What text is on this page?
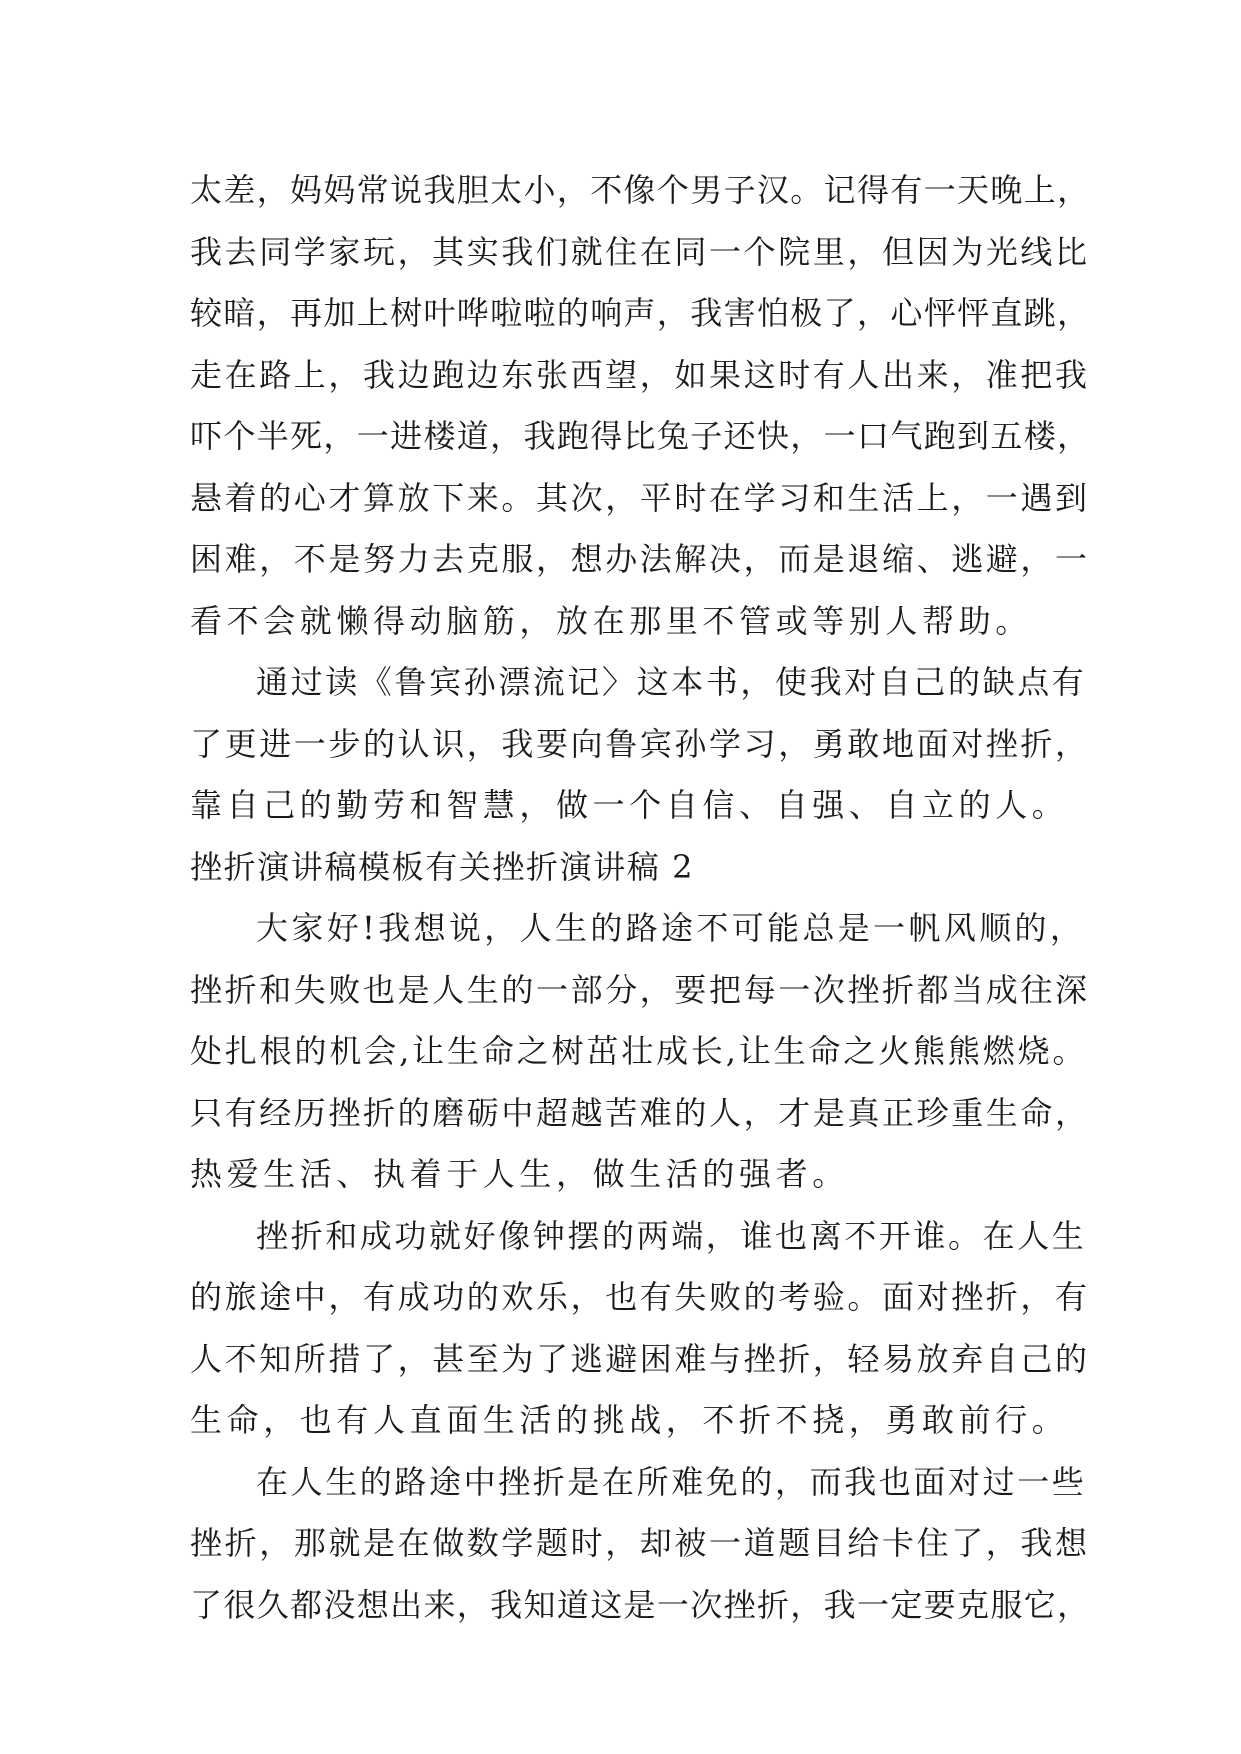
太差，妈妈常说我胆太小，不像个男子汉。记得有一天晚上，
我去同学家玩，其实我们就住在同一个院里，但因为光线比
较暗，再加上树叶哗啦啦的响声，我害怕极了，心怦怦直跳，
走在路上，我边跑边东张西望，如果这时有人出来，准把我
吓个半死，一进楼道，我跑得比兔子还快，一口气跑到五楼，
悬着的心才算放下来。其次，平时在学习和生活上，一遇到
困难，不是努力去克服，想办法解决，而是退缩、逃避，一
看不会就懒得动脑筋，放在那里不管或等别人帮助。
通过读《鲁宾孙漂流记〉这本书，使我对自己的缺点有
了更进一步的认识，我要向鲁宾孙学习，勇敢地面对挫折，
靠自己的勤劳和智慧，做一个自信、自强、自立的人。
挫折演讲稿模板有关挫折演讲稿 2
大家好!我想说，人生的路途不可能总是一帆风顺的，
挫折和失败也是人生的一部分，要把每一次挫折都当成往深
处扎根的机会,让生命之树茁壮成长,让生命之火熊熊燃烧。
只有经历挫折的磨砺中超越苦难的人，才是真正珍重生命，
热爱生活、执着于人生，做生活的强者。
挫折和成功就好像钟摆的两端，谁也离不开谁。在人生
的旅途中，有成功的欢乐，也有失败的考验。面对挫折，有
人不知所措了，甚至为了逃避困难与挫折，轻易放弃自己的
生命，也有人直面生活的挑战，不折不挠，勇敢前行。
在人生的路途中挫折是在所难免的，而我也面对过一些
挫折，那就是在做数学题时，却被一道题目给卡住了，我想
了很久都没想出来，我知道这是一次挫折，我一定要克服它，
